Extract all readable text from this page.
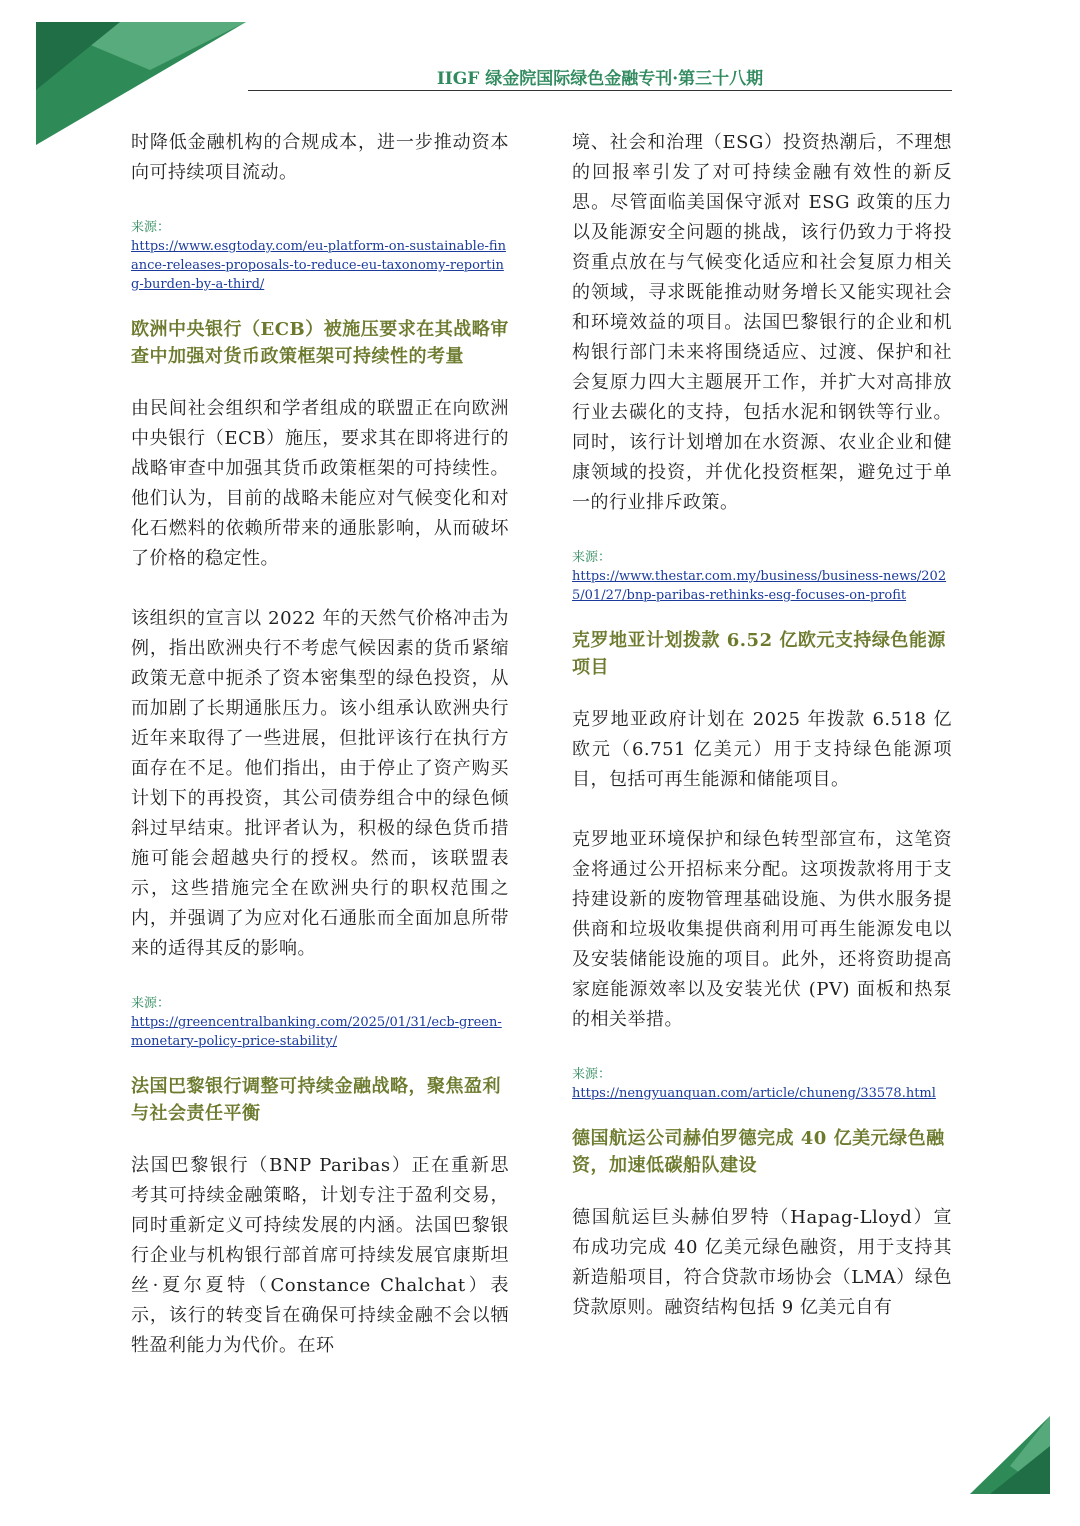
IIGF 绿金院国际绿色金融专刊·第三十八期

时降低金融机构的合规成本，进一步推动资本向可持续项目流动。

来源：

https://www.esgtoday.com/eu-platform-on-sustainable-finance-releases-proposals-to-reduce-eu-taxonomy-reporting-burden-by-a-third/

欧洲中央银行（ECB）被施压要求在其战略审查中加强对货币政策框架可持续性的考量

由民间社会组织和学者组成的联盟正在向欧洲中央银行（ECB）施压，要求其在即将进行的战略审查中加强其货币政策框架的可持续性。他们认为，目前的战略未能应对气候变化和对化石燃料的依赖所带来的通胀影响，从而破坏了价格的稳定性。

该组织的宣言以 2022 年的天然气价格冲击为例，指出欧洲央行不考虑气候因素的货币紧缩政策无意中扼杀了资本密集型的绿色投资，从而加剧了长期通胀压力。该小组承认欧洲央行近年来取得了一些进展，但批评该行在执行方面存在不足。他们指出，由于停止了资产购买计划下的再投资，其公司债券组合中的绿色倾斜过早结束。批评者认为，积极的绿色货币措施可能会超越央行的授权。然而，该联盟表示，这些措施完全在欧洲央行的职权范围之内，并强调了为应对化石通胀而全面加息所带来的适得其反的影响。

来源：

https://greencentralbanking.com/2025/01/31/ecb-green-monetary-policy-price-stability/

法国巴黎银行调整可持续金融战略，聚焦盈利与社会责任平衡

法国巴黎银行（BNP Paribas）正在重新思考其可持续金融策略，计划专注于盈利交易，同时重新定义可持续发展的内涵。法国巴黎银行企业与机构银行部首席可持续发展官康斯坦丝·夏尔夏特（Constance Chalchat）表示，该行的转变旨在确保可持续金融不会以牺牲盈利能力为代价。在环

境、社会和治理（ESG）投资热潮后，不理想的回报率引发了对可持续金融有效性的新反思。尽管面临美国保守派对 ESG 政策的压力以及能源安全问题的挑战，该行仍致力于将投资重点放在与气候变化适应和社会复原力相关的领域，寻求既能推动财务增长又能实现社会和环境效益的项目。法国巴黎银行的企业和机构银行部门未来将围绕适应、过渡、保护和社会复原力四大主题展开工作，并扩大对高排放行业去碳化的支持，包括水泥和钢铁等行业。同时，该行计划增加在水资源、农业企业和健康领域的投资，并优化投资框架，避免过于单一的行业排斥政策。

来源：

https://www.thestar.com.my/business/business-news/2025/01/27/bnp-paribas-rethinks-esg-focuses-on-profit

克罗地亚计划拨款 6.52 亿欧元支持绿色能源项目

克罗地亚政府计划在 2025 年拨款 6.518 亿欧元（6.751 亿美元）用于支持绿色能源项目，包括可再生能源和储能项目。

克罗地亚环境保护和绿色转型部宣布，这笔资金将通过公开招标来分配。这项拨款将用于支持建设新的废物管理基础设施、为供水服务提供商和垃圾收集提供商利用可再生能源发电以及安装储能设施的项目。此外，还将资助提高家庭能源效率以及安装光伏 (PV) 面板和热泵的相关举措。

来源：

https://nengyuanquan.com/article/chuneng/33578.html

德国航运公司赫伯罗德完成 40 亿美元绿色融资，加速低碳船队建设

德国航运巨头赫伯罗特（Hapag-Lloyd）宣布成功完成 40 亿美元绿色融资，用于支持其新造船项目，符合贷款市场协会（LMA）绿色贷款原则。融资结构包括 9 亿美元自有
